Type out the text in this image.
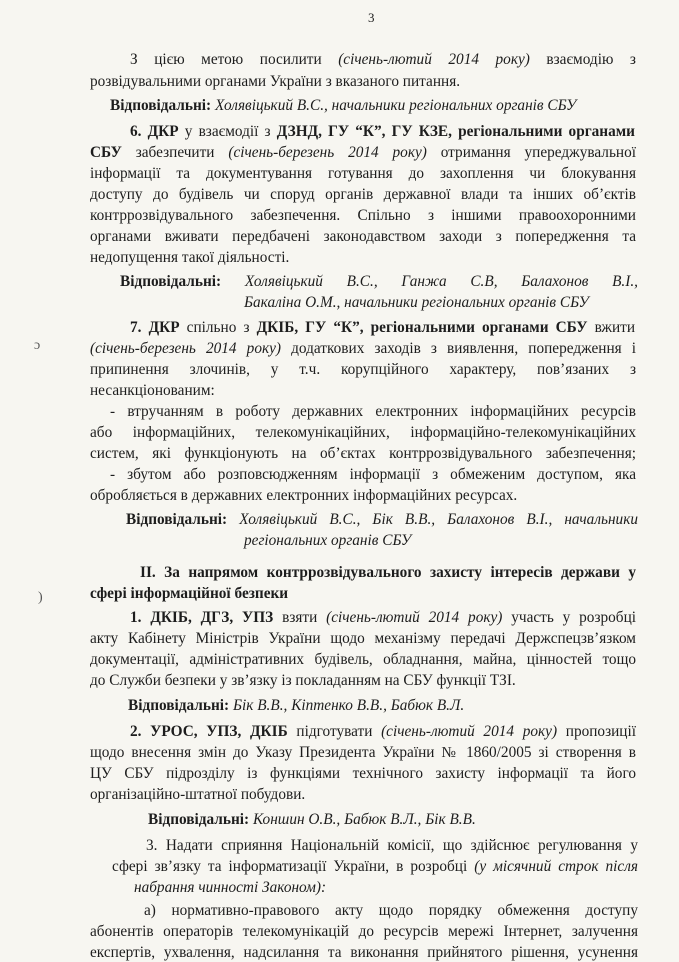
3
ɔ
)
З цією метою посилити (січень-лютий 2014 року) взаємодію з
розвідувальними органами України з вказаного питання.
Відповідальні: Холявіцький В.С., начальники регіональних органів СБУ
6. ДКР у взаємодії з ДЗНД, ГУ “К”, ГУ КЗЕ, регіональними органами
СБУ забезпечити (січень-березень 2014 року) отримання упереджувальної
інформації та документування готування до захоплення чи блокування
доступу до будівель чи споруд органів державної влади та інших об’єктів
контррозвідувального забезпечення. Спільно з іншими правоохоронними
органами вживати передбачені законодавством заходи з попередження та
недопущення такої діяльності.
Відповідальні: Холявіцький В.С., Ганжа С.В, Балахонов В.І.,
Бакаліна О.М., начальники регіональних органів СБУ
7. ДКР спільно з ДКІБ, ГУ “К”, регіональними органами СБУ вжити
(січень-березень 2014 року) додаткових заходів з виявлення, попередження і
припинення злочинів, у т.ч. корупційного характеру, пов’язаних з
несанкціонованим:
- втручанням в роботу державних електронних інформаційних ресурсів
або інформаційних, телекомунікаційних, інформаційно-телекомунікаційних
систем, які функціонують на об’єктах контррозвідувального забезпечення;
- збутом або розповсюдженням інформації з обмеженим доступом, яка
обробляється в державних електронних інформаційних ресурсах.
Відповідальні: Холявіцький В.С., Бік В.В., Балахонов В.І., начальники
регіональних органів СБУ
ІІ. За напрямом контррозвідувального захисту інтересів держави у
сфері інформаційної безпеки
1. ДКІБ, ДГЗ, УПЗ взяти (січень-лютий 2014 року) участь у розробці
акту Кабінету Міністрів України щодо механізму передачі Держспецзв’язком
документації, адміністративних будівель, обладнання, майна, цінностей тощо
до Служби безпеки у зв’язку із покладанням на СБУ функції ТЗІ.
Відповідальні: Бік В.В., Кіптенко В.В., Бабюк В.Л.
2. УРОС, УПЗ, ДКІБ підготувати (січень-лютий 2014 року) пропозиції
щодо внесення змін до Указу Президента України № 1860/2005 зі створення в
ЦУ СБУ підрозділу із функціями технічного захисту інформації та його
організаційно-штатної побудови.
Відповідальні: Коншин О.В., Бабюк В.Л., Бік В.В.
3. Надати сприяння Національній комісії, що здійснює регулювання у
сфері зв’язку та інформатизації України, в розробці (у місячний строк після
набрання чинності Законом):
а) нормативно-правового акту щодо порядку обмеження доступу
абонентів операторів телекомунікацій до ресурсів мережі Інтернет, залучення
експертів, ухвалення, надсилання та виконання прийнятого рішення, усунення
